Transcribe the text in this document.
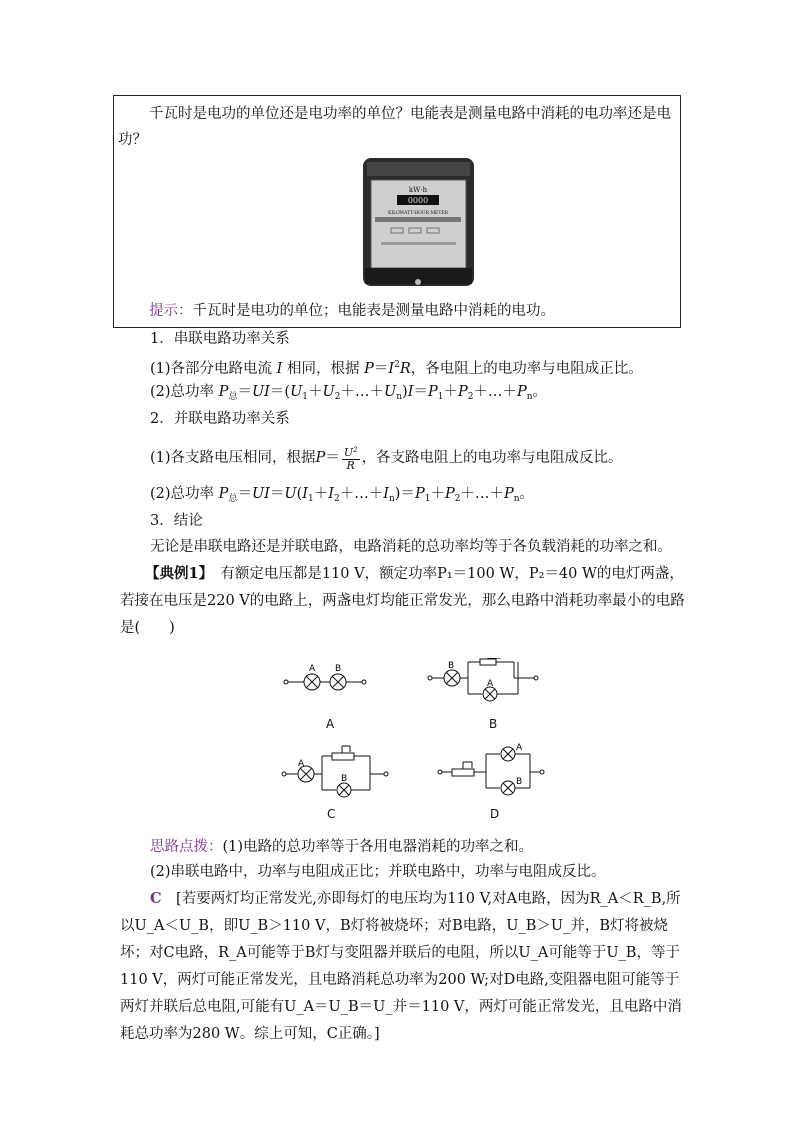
千瓦时是电功的单位还是电功率的单位？电能表是测量电路中消耗的电功率还是电
功？
kW·h
0000
KILOWATT-HOUR METER
提示：千瓦时是电功的单位；电能表是测量电路中消耗的电功。
1．串联电路功率关系
(1)各部分电路电流 I 相同，根据 $P=I^2R$，各电阻上的电功率与电阻成正比。
(2)总功率 $P_总=UI=(U_1+U_2+\dots+U_n)I=P_1+P_2+\dots+P_n$。
2．并联电路功率关系
(1)各支路电压相同，根据$P= \frac{U^2}{R}$ ，各支路电阻上的电功率与电阻成反比。
(2)总功率 $P_总=UI=U(I_1+I_2+\dots+I_n)=P_1+P_2+\dots+P_n$。
3．结论
无论是串联电路还是并联电路，电路消耗的总功率均等于各负载消耗的功率之和。
【典例1】　 有额定电压都是110 V，额定功率P₁＝100 W，P₂＝40 W的电灯两盏，若接在电压是220 V的电路上，两盏电灯均能正常发光，那么电路中消耗功率最小的电路是(　　)
A B
A
B
A
B
A
B
C
A
B
D
思路点拨：(1)电路的总功率等于各用电器消耗的功率之和。
(2)串联电路中，功率与电阻成正比；并联电路中，功率与电阻成反比。
C　 [若要两灯均正常发光,亦即每灯的电压均为110 V,对A电路，因为R_A＜R_B,所以U_A＜U_B，即U_B＞110 V，B灯将被烧坏；对B电路，U_B＞U_并，B灯将被烧坏；对C电路，R_A可能等于B灯与变阻器并联后的电阻，所以U_A可能等于U_B，等于110 V，两灯可能正常发光，且电路消耗总功率为200 W;对D电路,变阻器电阻可能等于两灯并联后总电阻,可能有U_A＝U_B＝U_并＝110 V，两灯可能正常发光，且电路中消耗总功率为280 W。综上可知，C正确。]
